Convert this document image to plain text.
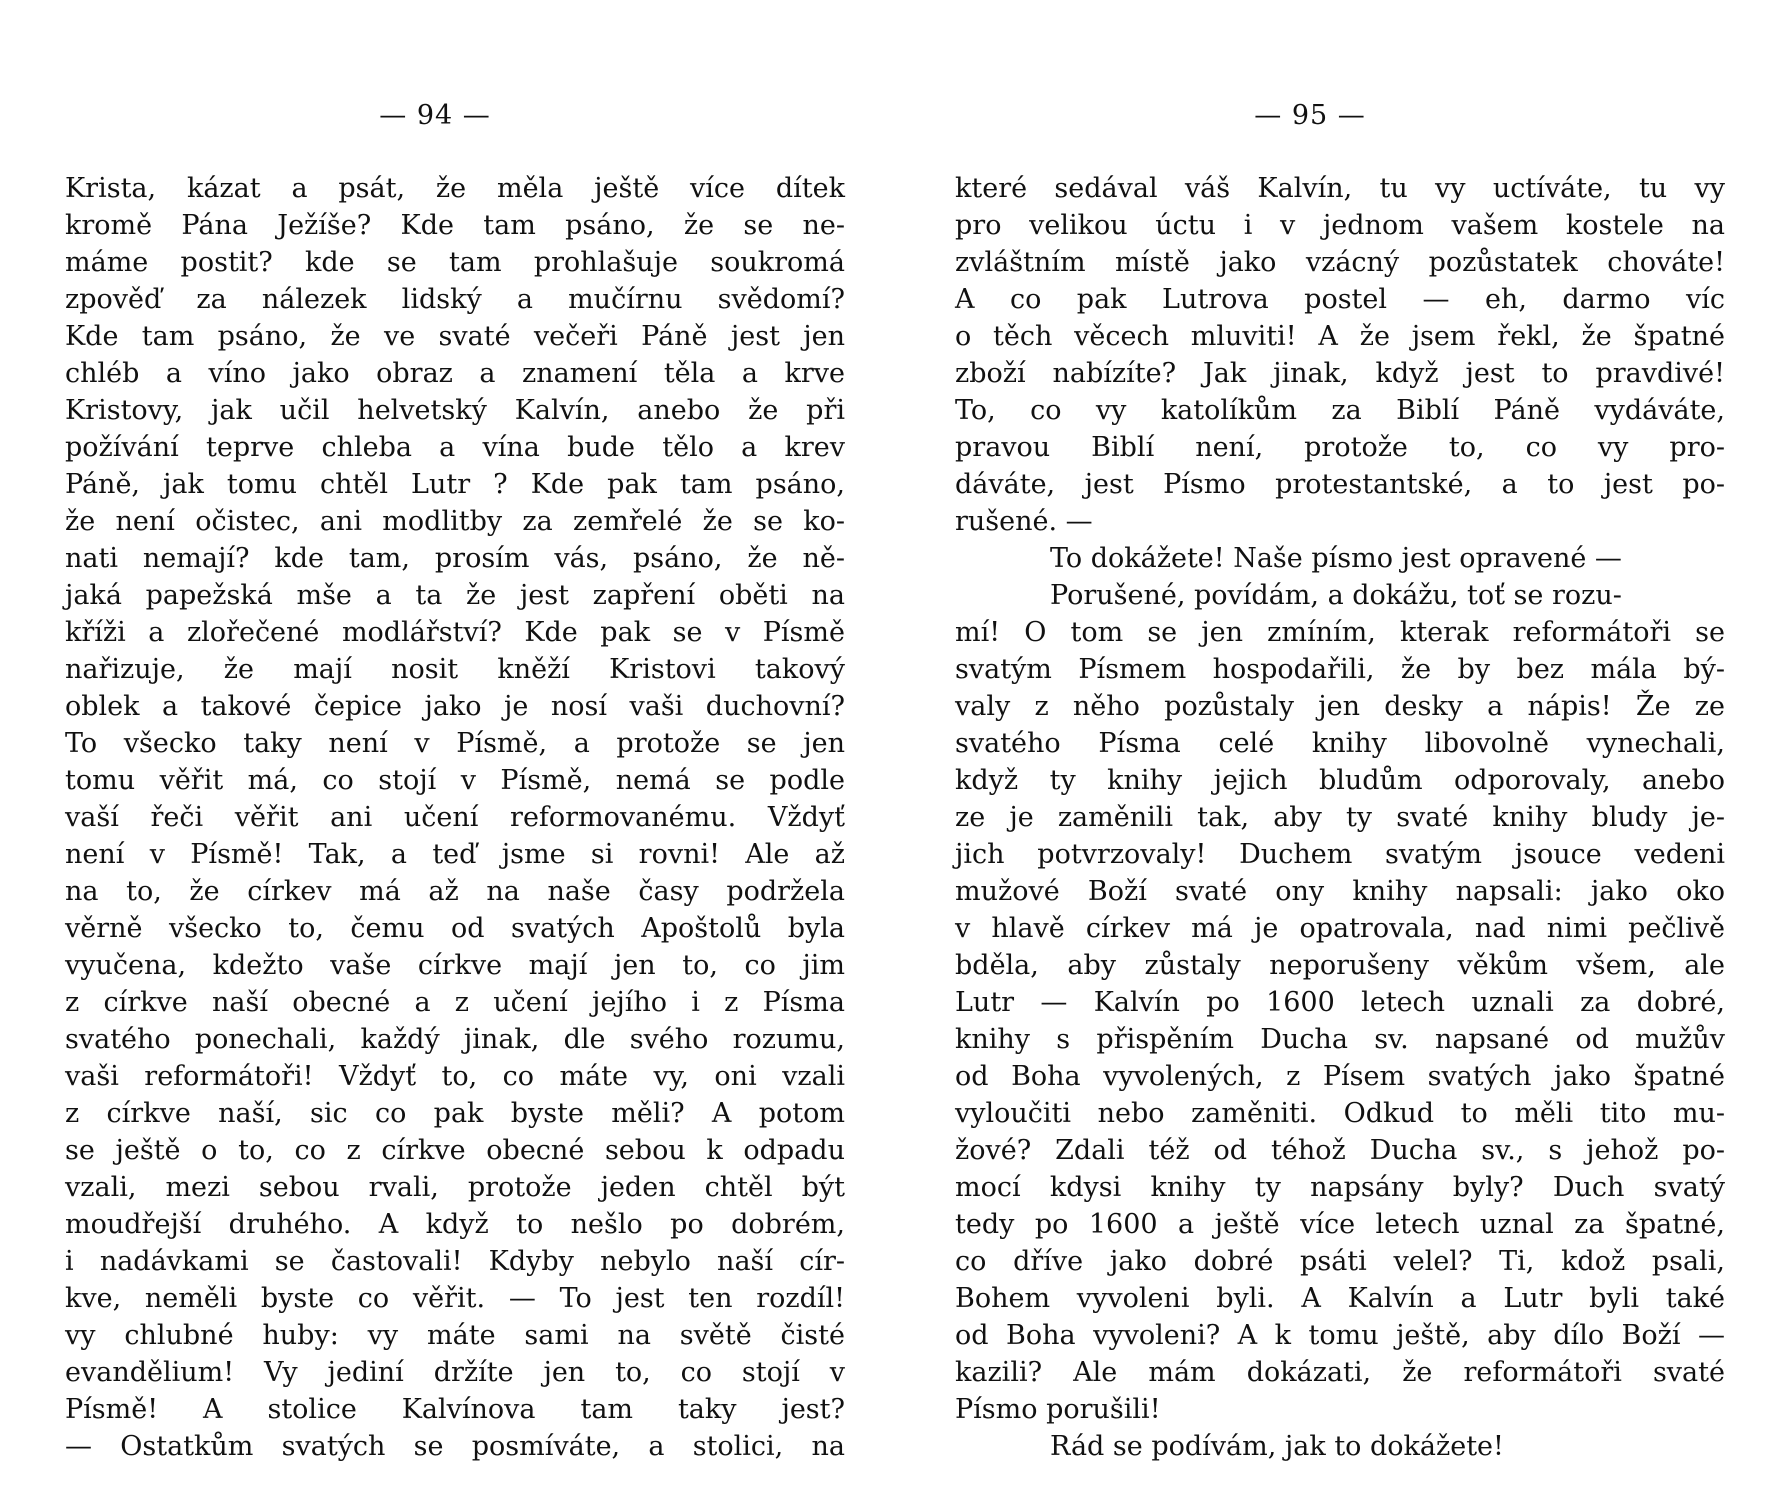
— 94 —
Krista, kázat a psát, že měla ještě více dítek
kromě Pána Ježíše? Kde tam psáno, že se ne-
máme postit? kde se tam prohlašuje soukromá
zpověď za nálezek lidský a mučírnu svědomí?
Kde tam psáno, že ve svaté večeři Páně jest jen
chléb a víno jako obraz a znamení těla a krve
Kristovy, jak učil helvetský Kalvín, anebo že při
požívání teprve chleba a vína bude tělo a krev
Páně, jak tomu chtěl Lutr ? Kde pak tam psáno,
že není očistec, ani modlitby za zemřelé že se ko-
nati nemají? kde tam, prosím vás, psáno, že ně-
jaká papežská mše a ta že jest zapření oběti na
kříži a zlořečené modlářství? Kde pak se v Písmě
nařizuje, že mají nosit kněží Kristovi takový
oblek a takové čepice jako je nosí vaši duchovní?
To všecko taky není v Písmě, a protože se jen
tomu věřit má, co stojí v Písmě, nemá se podle
vaší řeči věřit ani učení reformovanému. Vždyť
není v Písmě! Tak, a teď jsme si rovni! Ale až
na to, že církev má až na naše časy podržela
věrně všecko to, čemu od svatých Apoštolů byla
vyučena, kdežto vaše církve mají jen to, co jim
z církve naší obecné a z učení jejího i z Písma
svatého ponechali, každý jinak, dle svého rozumu,
vaši reformátoři! Vždyť to, co máte vy, oni vzali
z církve naší, sic co pak byste měli? A potom
se ještě o to, co z církve obecné sebou k odpadu
vzali, mezi sebou rvali, protože jeden chtěl být
moudřejší druhého. A když to nešlo po dobrém,
i nadávkami se častovali! Kdyby nebylo naší cír-
kve, neměli byste co věřit. — To jest ten rozdíl!
vy chlubné huby: vy máte sami na světě čisté
evandělium! Vy jediní držíte jen to, co stojí v
Písmě! A stolice Kalvínova tam taky jest?
— Ostatkům svatých se posmíváte, a stolici, na
— 95 —
které sedával váš Kalvín, tu vy uctíváte, tu vy
pro velikou úctu i v jednom vašem kostele na
zvláštním místě jako vzácný pozůstatek chováte!
A co pak Lutrova postel — eh, darmo víc
o těch věcech mluviti! A že jsem řekl, že špatné
zboží nabízíte? Jak jinak, když jest to pravdivé!
To, co vy katolíkům za Biblí Páně vydáváte,
pravou Biblí není, protože to, co vy pro-
dáváte, jest Písmo protestantské, a to jest po-
rušené. —
To dokážete! Naše písmo jest opravené —
Porušené, povídám, a dokážu, toť se rozu-
mí! O tom se jen zmíním, kterak reformátoři se
svatým Písmem hospodařili, že by bez mála bý-
valy z něho pozůstaly jen desky a nápis! Že ze
svatého Písma celé knihy libovolně vynechali,
když ty knihy jejich bludům odporovaly, anebo
ze je zaměnili tak, aby ty svaté knihy bludy je-
jich potvrzovaly! Duchem svatým jsouce vedeni
mužové Boží svaté ony knihy napsali: jako oko
v hlavě církev má je opatrovala, nad nimi pečlivě
bděla, aby zůstaly neporušeny věkům všem, ale
Lutr — Kalvín po 1600 letech uznali za dobré,
knihy s přispěním Ducha sv. napsané od mužův
od Boha vyvolených, z Písem svatých jako špatné
vyloučiti nebo zaměniti. Odkud to měli tito mu-
žové? Zdali též od téhož Ducha sv., s jehož po-
mocí kdysi knihy ty napsány byly? Duch svatý
tedy po 1600 a ještě více letech uznal za špatné,
co dříve jako dobré psáti velel? Ti, kdož psali,
Bohem vyvoleni byli. A Kalvín a Lutr byli také
od Boha vyvoleni? A k tomu ještě, aby dílo Boží —
kazili? Ale mám dokázati, že reformátoři svaté
Písmo porušili!
Rád se podívám, jak to dokážete!
